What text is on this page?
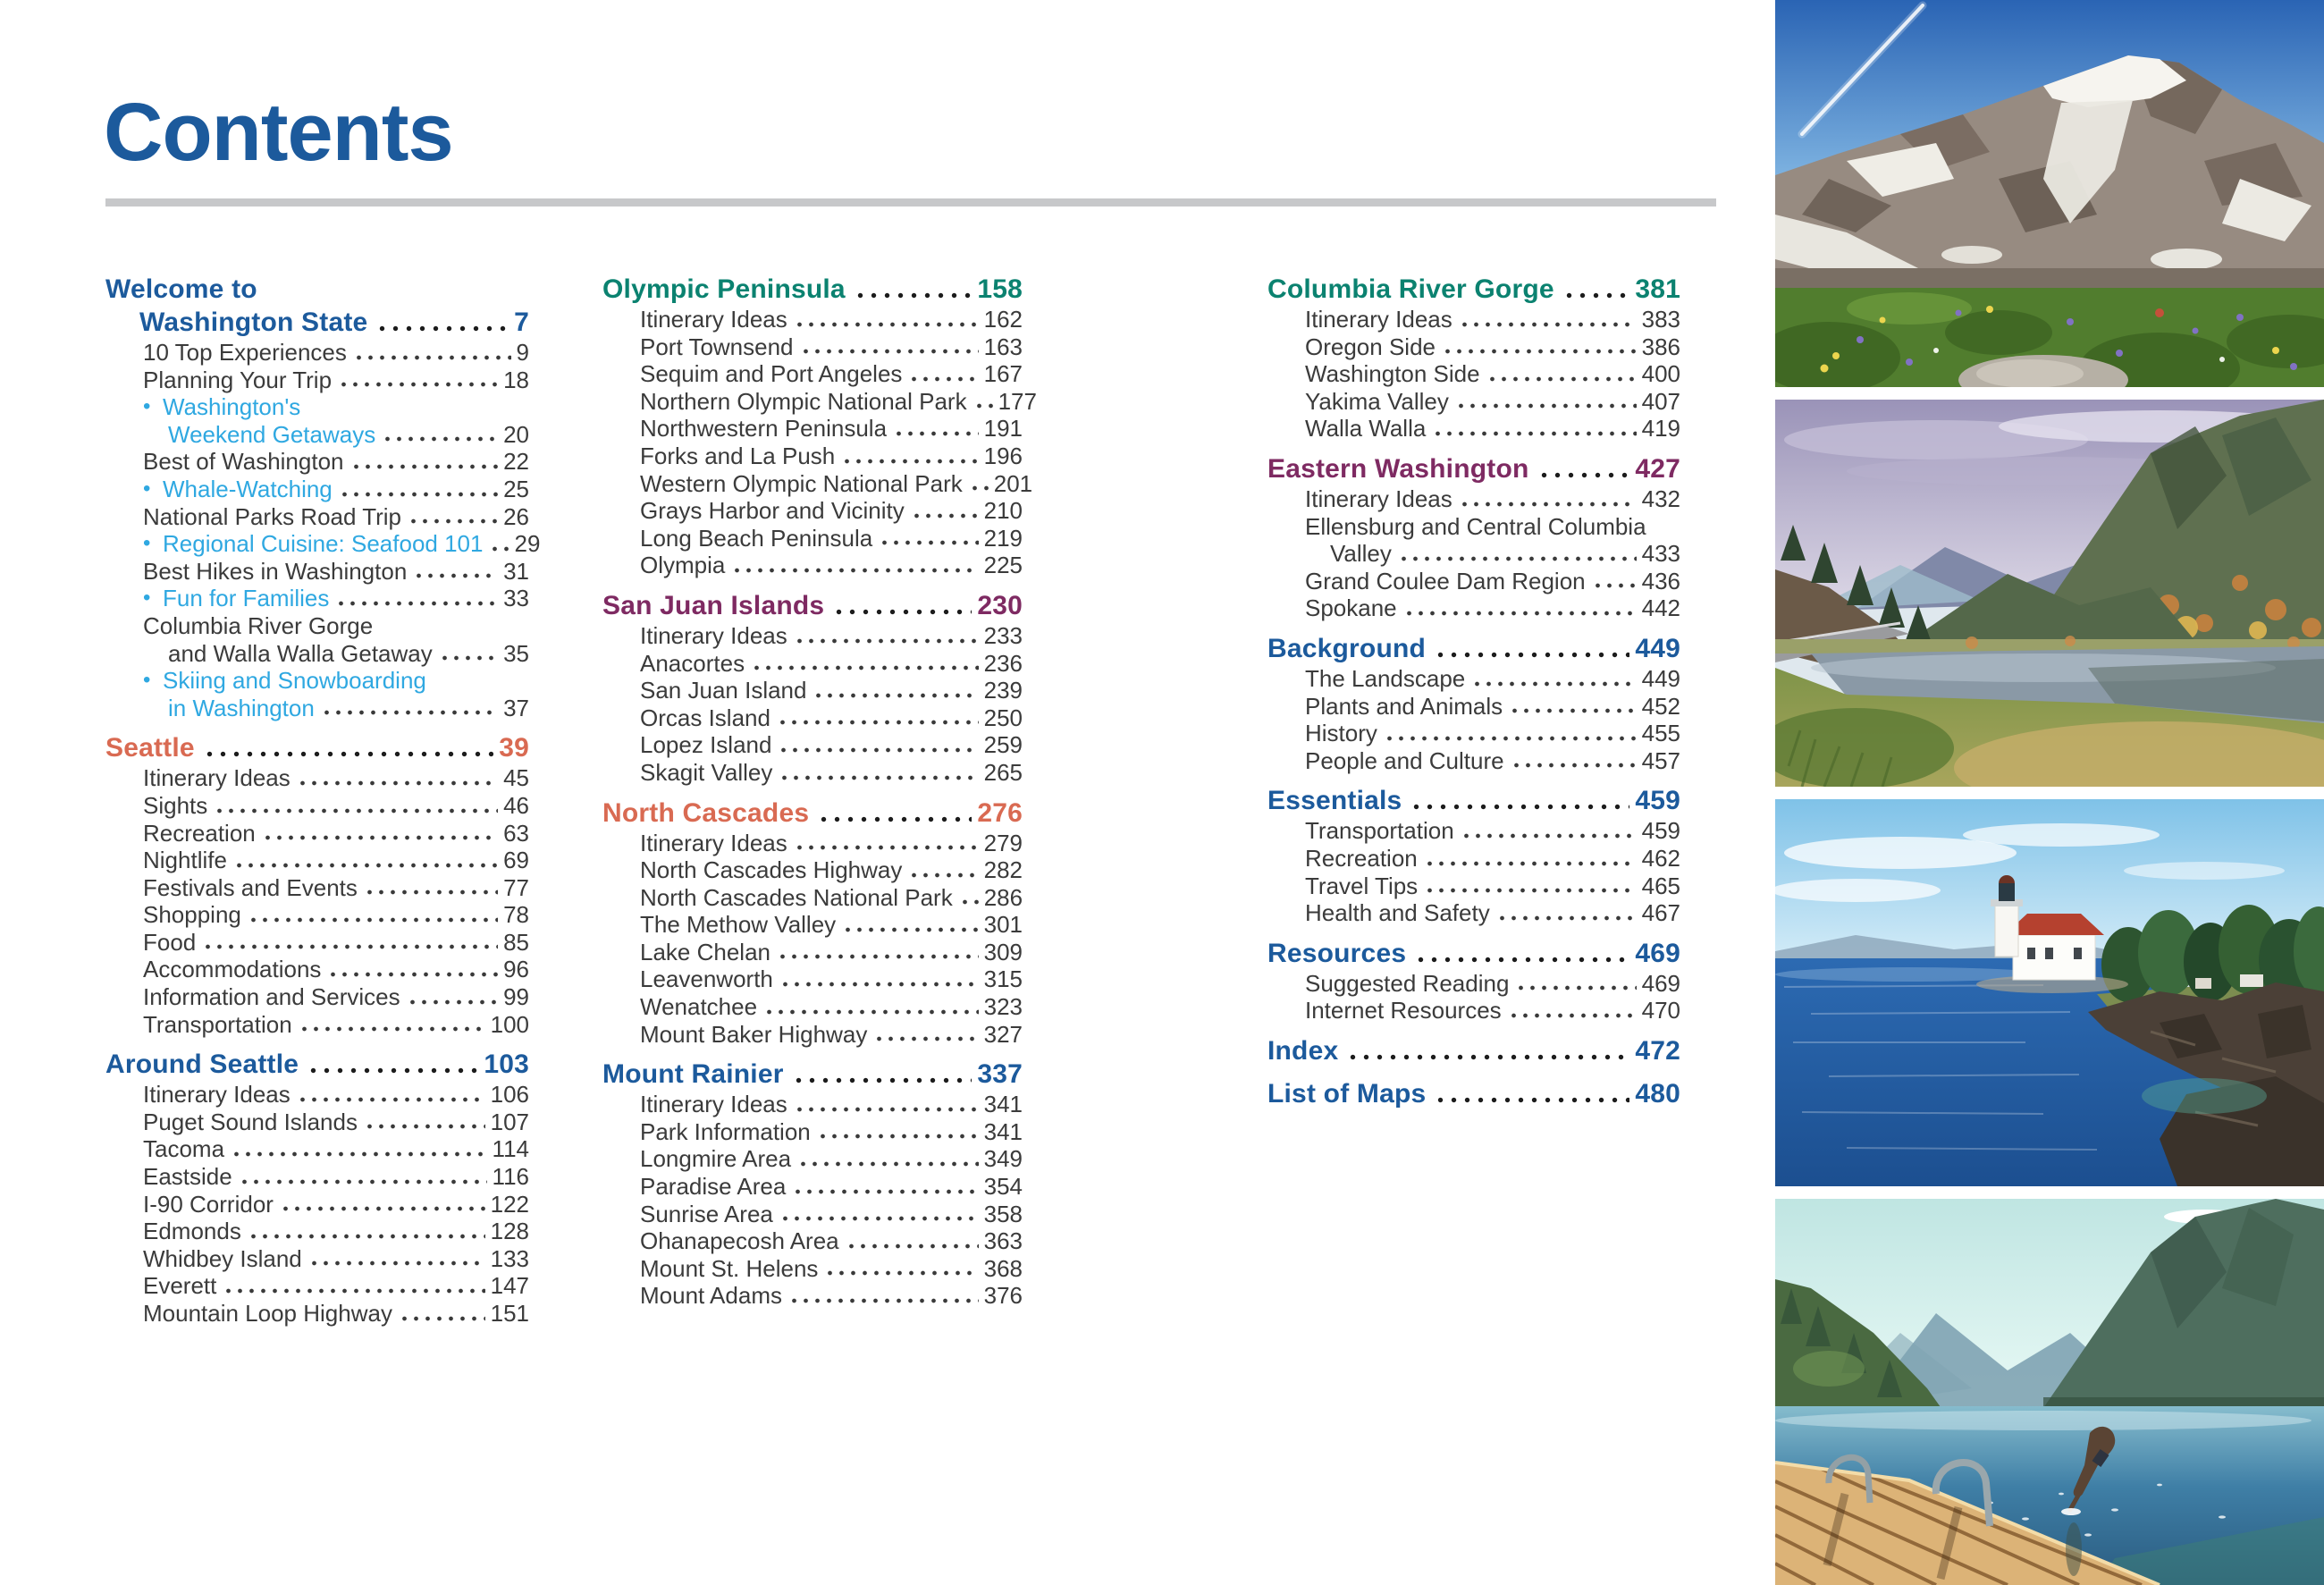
Contents
Welcome to
Washington State	7
10 Top Experiences	9
Planning Your Trip	18
• Washington's
Weekend Getaways	20
Best of Washington	22
• Whale-Watching	25
National Parks Road Trip	26
• Regional Cuisine: Seafood 101 29
Best Hikes in Washington	31
• Fun for Families	33
Columbia River Gorge
and Walla Walla Getaway	35
• Skiing and Snowboarding
in Washington	37
Seattle	39
Itinerary Ideas	45
Sights	46
Recreation	63
Nightlife	69
Festivals and Events	77
Shopping	78
Food	85
Accommodations	96
Information and Services	99
Transportation	100
Around Seattle	103
Itinerary Ideas	106
Puget Sound Islands	107
Tacoma	114
Eastside	116
I-90 Corridor	122
Edmonds	128
Whidbey Island	133
Everett	147
Mountain Loop Highway	151
Olympic Peninsula	158
Itinerary Ideas	162
Port Townsend	163
Sequim and Port Angeles	167
Northern Olympic National Park 177
Northwestern Peninsula	191
Forks and La Push	196
Western Olympic National Park 201
Grays Harbor and Vicinity	210
Long Beach Peninsula	219
Olympia	225
San Juan Islands	230
Itinerary Ideas	233
Anacortes	236
San Juan Island	239
Orcas Island	250
Lopez Island	259
Skagit Valley	265
North Cascades	276
Itinerary Ideas	279
North Cascades Highway	282
North Cascades National Park 286
The Methow Valley	301
Lake Chelan	309
Leavenworth	315
Wenatchee	323
Mount Baker Highway	327
Mount Rainier	337
Itinerary Ideas	341
Park Information	341
Longmire Area	349
Paradise Area	354
Sunrise Area	358
Ohanapecosh Area	363
Mount St. Helens	368
Mount Adams	376
Columbia River Gorge	381
Itinerary Ideas	383
Oregon Side	386
Washington Side	400
Yakima Valley	407
Walla Walla	419
Eastern Washington	427
Itinerary Ideas	432
Ellensburg and Central Columbia
Valley	433
Grand Coulee Dam Region 436
Spokane	442
Background	449
The Landscape	449
Plants and Animals	452
History	455
People and Culture	457
Essentials	459
Transportation	459
Recreation	462
Travel Tips	465
Health and Safety	467
Resources	469
Suggested Reading	469
Internet Resources	470
Index	472
List of Maps	480
